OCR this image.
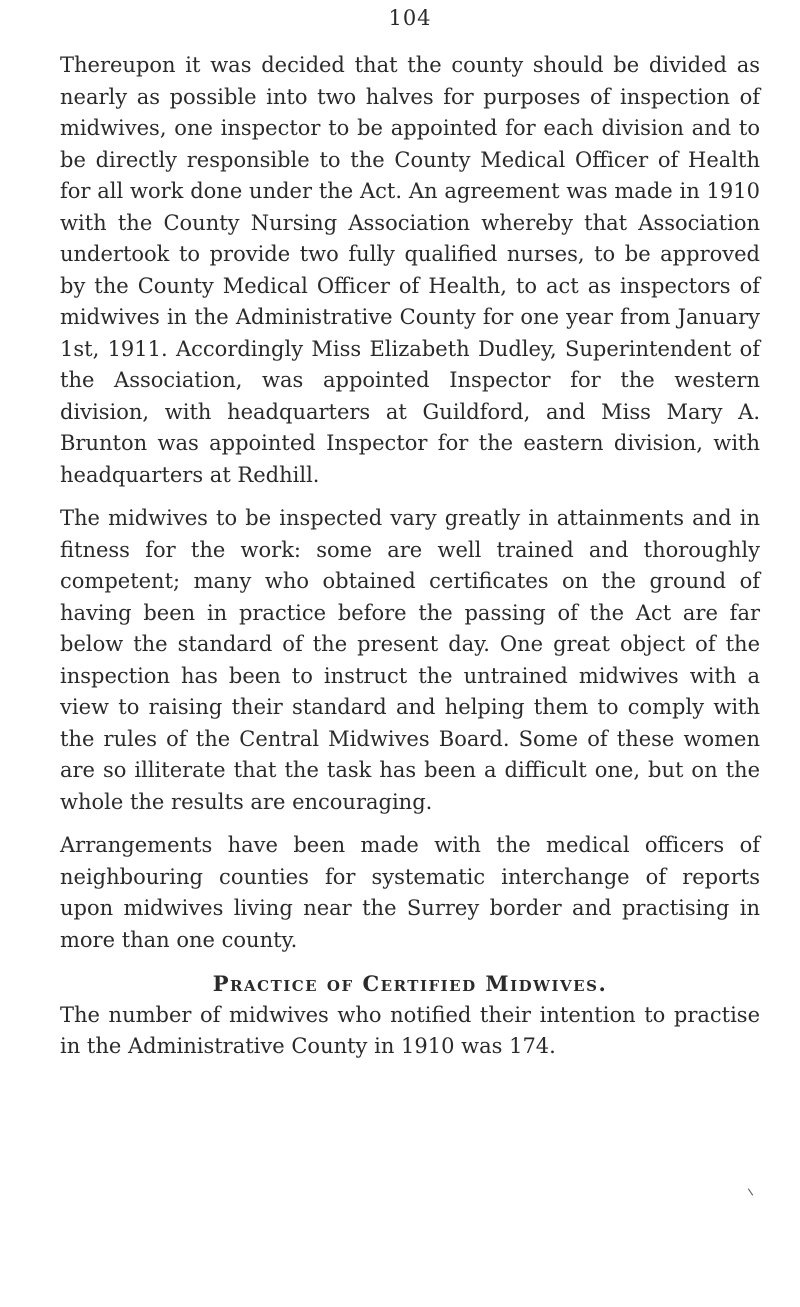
104

Thereupon it was decided that the county should be divided as nearly as possible into two halves for purposes of inspection of midwives, one inspector to be appointed for each division and to be directly responsible to the County Medical Officer of Health for all work done under the Act. An agreement was made in 1910 with the County Nursing Association whereby that Association undertook to provide two fully qualified nurses, to be approved by the County Medical Officer of Health, to act as inspectors of midwives in the Administrative County for one year from January 1st, 1911. Accordingly Miss Elizabeth Dudley, Superintendent of the Association, was appointed Inspector for the western division, with headquarters at Guildford, and Miss Mary A. Brunton was appointed Inspector for the eastern division, with headquarters at Redhill.

The midwives to be inspected vary greatly in attainments and in fitness for the work: some are well trained and thoroughly competent; many who obtained certificates on the ground of having been in practice before the passing of the Act are far below the standard of the present day. One great object of the inspection has been to instruct the untrained midwives with a view to raising their standard and helping them to comply with the rules of the Central Midwives Board. Some of these women are so illiterate that the task has been a difficult one, but on the whole the results are encouraging.

Arrangements have been made with the medical officers of neighbouring counties for systematic interchange of reports upon midwives living near the Surrey border and practising in more than one county.

Practice of Certified Midwives.

The number of midwives who notified their intention to practise in the Administrative County in 1910 was 174.
